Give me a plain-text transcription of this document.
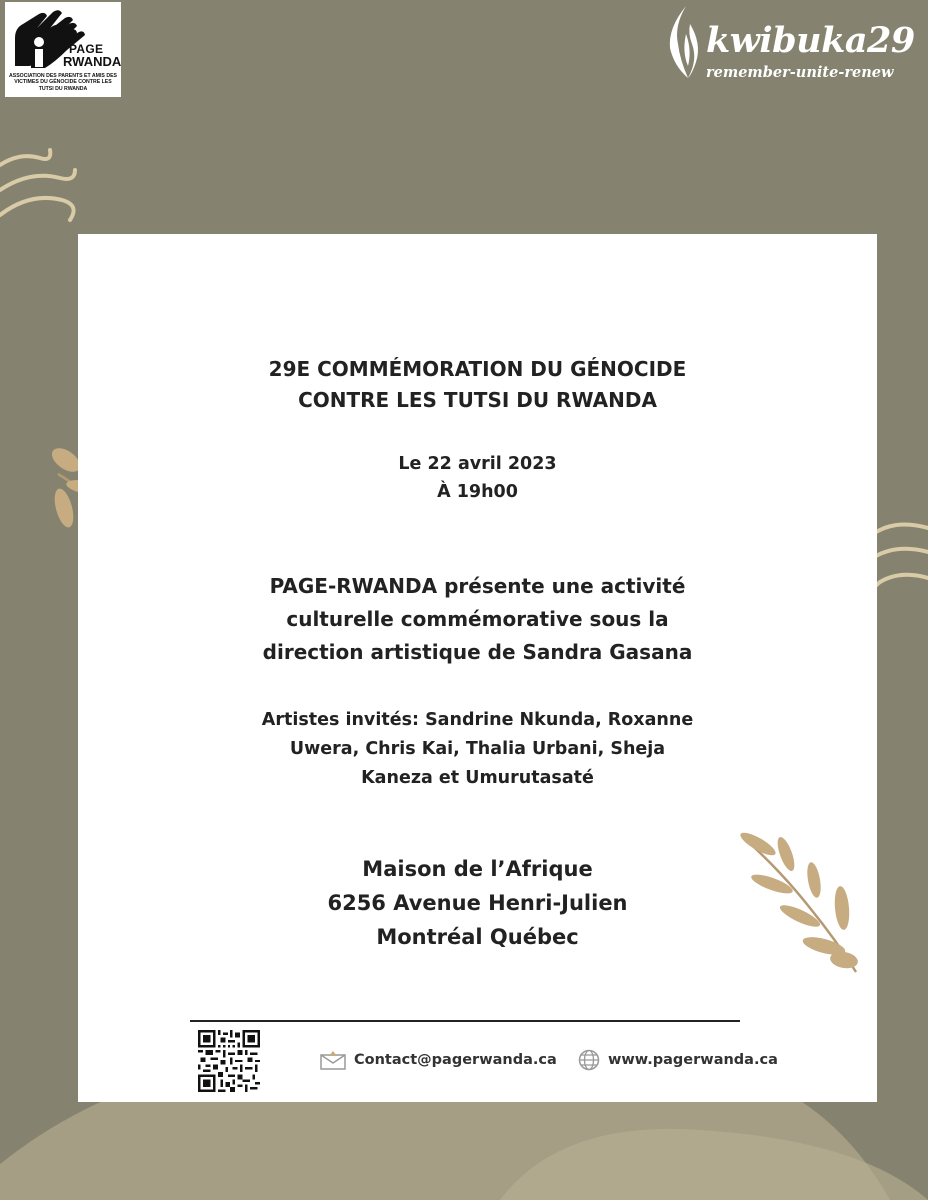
PAGE
RWANDA
ASSOCIATION DES PARENTS ET AMIS DES VICTIMES DU GÉNOCIDE CONTRE LES TUTSI DU RWANDA
kwibuka29
remember-unite-renew
29E COMMÉMORATION DU GÉNOCIDE
CONTRE LES TUTSI DU RWANDA
Le 22 avril 2023
À 19h00
PAGE-RWANDA présente une activité
culturelle commémorative sous la
direction artistique de Sandra Gasana
Artistes invités: Sandrine Nkunda, Roxanne
Uwera, Chris Kai, Thalia Urbani, Sheja
Kaneza et Umurutasaté
Maison de l’Afrique
6256 Avenue Henri-Julien
Montréal Québec
Contact@pagerwanda.ca	www.pagerwanda.ca
